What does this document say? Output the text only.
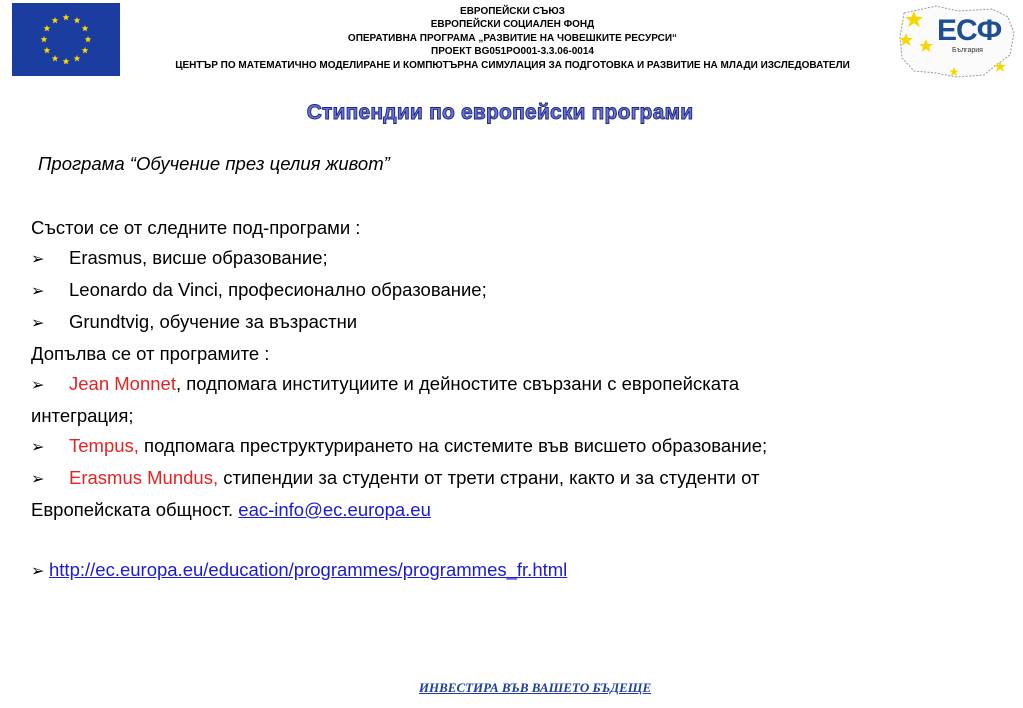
ЕВРОПЕЙСКИ СЪЮЗ
ЕВРОПЕЙСКИ СОЦИАЛЕН ФОНД
ОПЕРАТИВНА ПРОГРАМА „РАЗВИТИЕ НА ЧОВЕШКИТЕ РЕСУРСИ“
ПРОЕКТ BG051PO001-3.3.06-0014
ЦЕНТЪР ПО МАТЕМАТИЧНО МОДЕЛИРАНЕ И КОМПЮТЪРНА СИМУЛАЦИЯ ЗА ПОДГОТОВКА И РАЗВИТИЕ НА МЛАДИ ИЗСЛЕДОВАТЕЛИ
ЕСФ
България
Стипендии по европейски програми
Програма “Обучение през целия живот”
Състои се от следните под-програми :
➢ Erasmus, висше образование;
➢ Leonardo da Vinci, професионално образование;
➢ Grundtvig, обучение за възрастни
Допълва се от програмите :
➢ Jean Monnet, подпомага институциите и дейностите свързани с европейската
интеграция;
➢ Tempus, подпомага преструктурирането на системите във висшето образование;
➢ Erasmus Mundus, стипендии за студенти от трети страни, както и за студенти от
Европейската общност. eac-info@ec.europa.eu
➢ http://ec.europa.eu/education/programmes/programmes_fr.html
ИНВЕСТИРА ВЪВ ВАШЕТО БЪДЕЩЕ
